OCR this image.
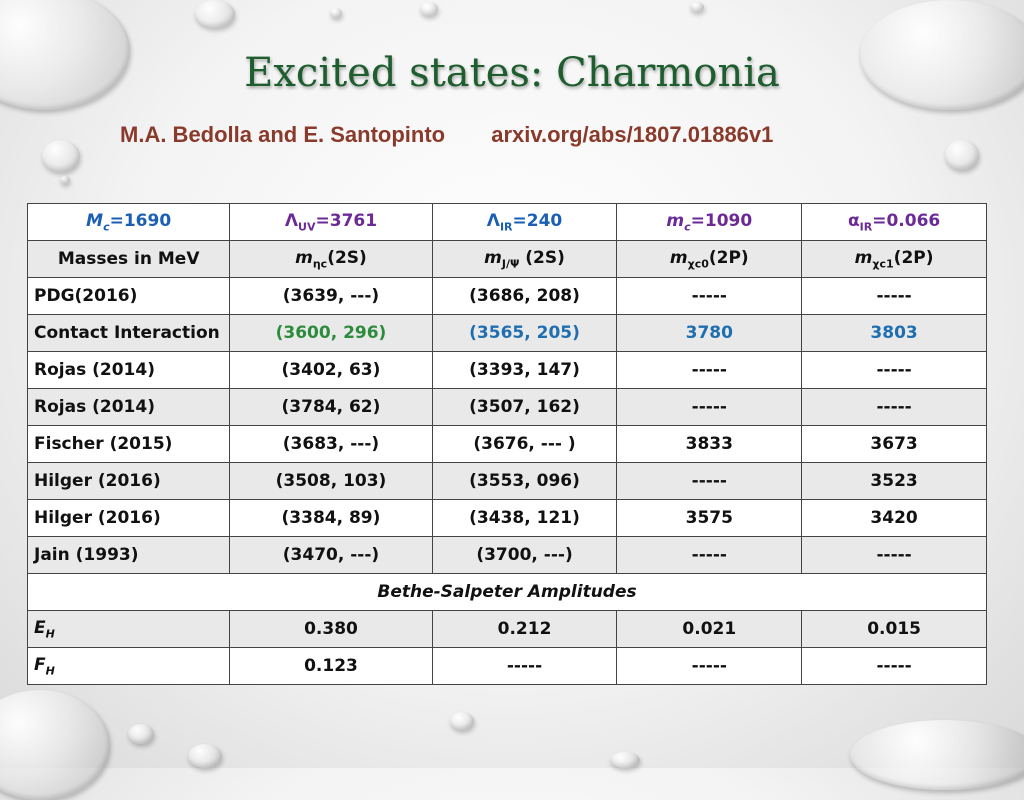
Excited states: Charmonia
M.A. Bedolla and E. Santopinto arxiv.org/abs/1807.01886v1
$M_c=1690$	$\Lambda_{UV}=3761$	$\Lambda_{IR}=240$	$m_c=1090$	$\alpha_{IR}=0.066$
Masses in MeV	$m_{\eta c}(2S)$	$m_{J/\Psi}$ (2S)	$m_{\chi c0}(2P)$	$m_{\chi c1}(2P)$
PDG(2016)	(3639, ---)	(3686, 208)	-----	-----
Contact Interaction	(3600, 296)	(3565, 205)	3780	3803
Rojas (2014)	(3402, 63)	(3393, 147)	-----	-----
Rojas (2014)	(3784, 62)	(3507, 162)	-----	-----
Fischer (2015)	(3683, ---)	(3676, --- )	3833	3673
Hilger (2016)	(3508, 103)	(3553, 096)	-----	3523
Hilger (2016)	(3384, 89)	(3438, 121)	3575	3420
Jain (1993)	(3470, ---)	(3700, ---)	-----	-----
Bethe-Salpeter Amplitudes				
$E_H$	0.380	0.212	0.021	0.015
$F_H$	0.123	-----	-----	-----
